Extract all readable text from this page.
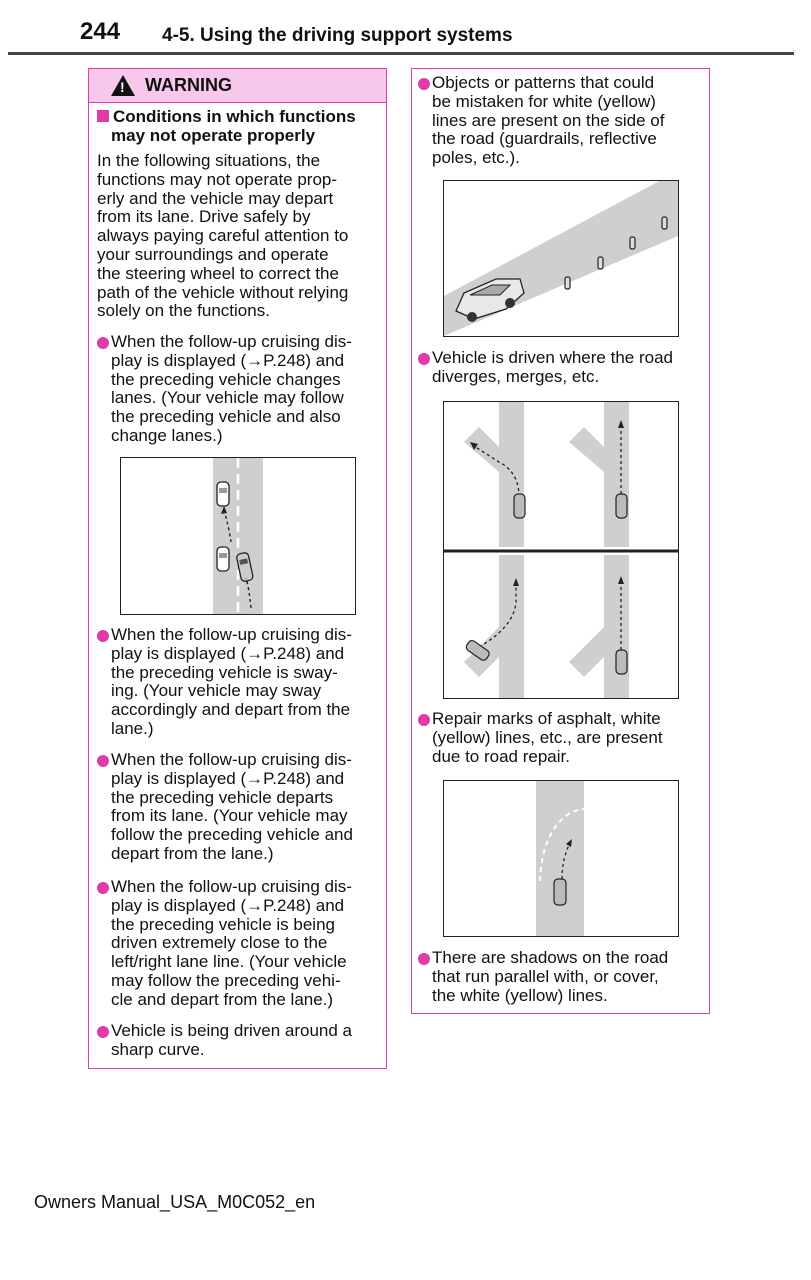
244 4-5. Using the driving support systems
! WARNING
Conditions in which functions
may not operate properly
In the following situations, the
functions may not operate prop-
erly and the vehicle may depart
from its lane. Drive safely by
always paying careful attention to
your surroundings and operate
the steering wheel to correct the
path of the vehicle without relying
solely on the functions.
When the follow-up cruising dis-
play is displayed (→P.248) and
the preceding vehicle changes
lanes. (Your vehicle may follow
the preceding vehicle and also
change lanes.)
When the follow-up cruising dis-
play is displayed (→P.248) and
the preceding vehicle is sway-
ing. (Your vehicle may sway
accordingly and depart from the
lane.)
When the follow-up cruising dis-
play is displayed (→P.248) and
the preceding vehicle departs
from its lane. (Your vehicle may
follow the preceding vehicle and
depart from the lane.)
When the follow-up cruising dis-
play is displayed (→P.248) and
the preceding vehicle is being
driven extremely close to the
left/right lane line. (Your vehicle
may follow the preceding vehi-
cle and depart from the lane.)
Vehicle is being driven around a
sharp curve.
Objects or patterns that could
be mistaken for white (yellow)
lines are present on the side of
the road (guardrails, reflective
poles, etc.).
Vehicle is driven where the road
diverges, merges, etc.
Repair marks of asphalt, white
(yellow) lines, etc., are present
due to road repair.
There are shadows on the road
that run parallel with, or cover,
the white (yellow) lines.
Owners Manual_USA_M0C052_en
